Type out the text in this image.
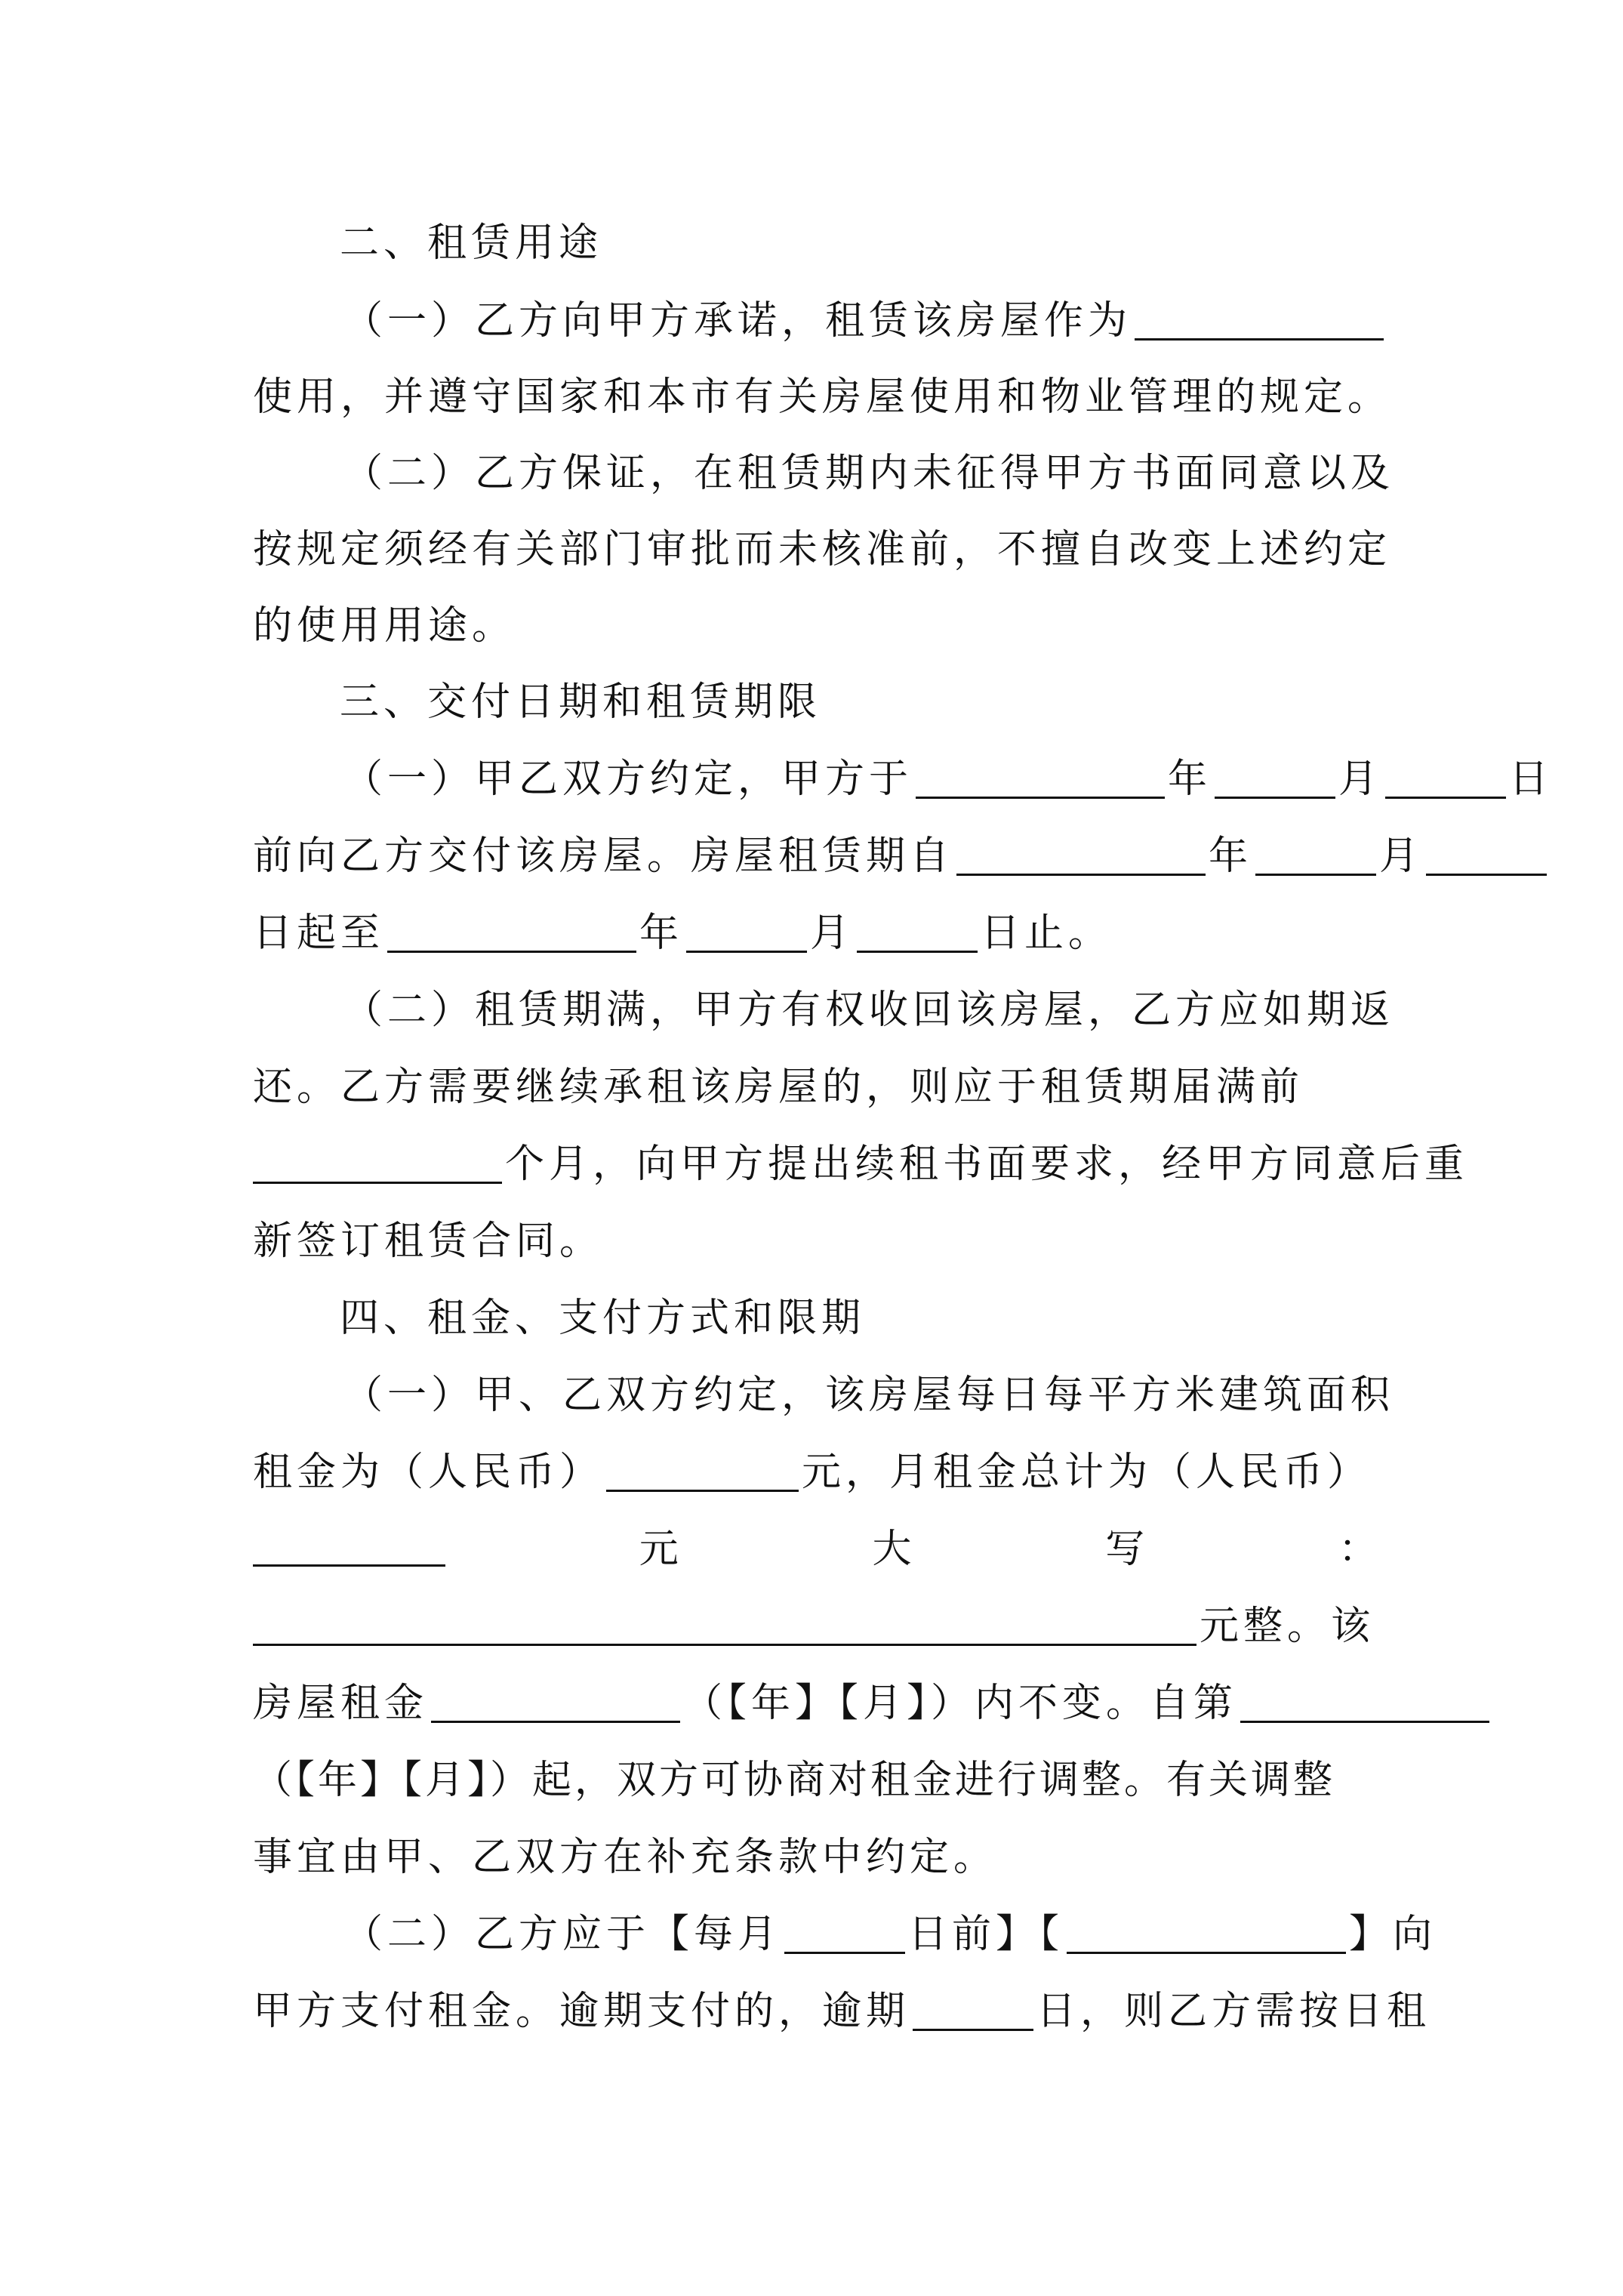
二、租赁用途
（一）乙方向甲方承诺，租赁该房屋作为
使用，并遵守国家和本市有关房屋使用和物业管理的规定。
（二）乙方保证，在租赁期内未征得甲方书面同意以及
按规定须经有关部门审批而未核准前，不擅自改变上述约定
的使用用途。
三、交付日期和租赁期限
（一）甲乙双方约定，甲方于	年	月	日
前向乙方交付该房屋。房屋租赁期自	年	月
日起至	年	月	日止。
（二）租赁期满，甲方有权收回该房屋，乙方应如期返
还。乙方需要继续承租该房屋的，则应于租赁期届满前
个月，向甲方提出续租书面要求，经甲方同意后重
新签订租赁合同。
四、租金、支付方式和限期
（一）甲、乙双方约定，该房屋每日每平方米建筑面积
租金为（人民币）	元，月租金总计为（人民币）
元	大	写	：
元整。该
房屋租金	（【年】【月】）内不变。自第
（【年】【月】）起，双方可协商对租金进行调整。有关调整
事宜由甲、乙双方在补充条款中约定。
（二）乙方应于【每月	日前】【	】向
甲方支付租金。逾期支付的，逾期	日，则乙方需按日租
